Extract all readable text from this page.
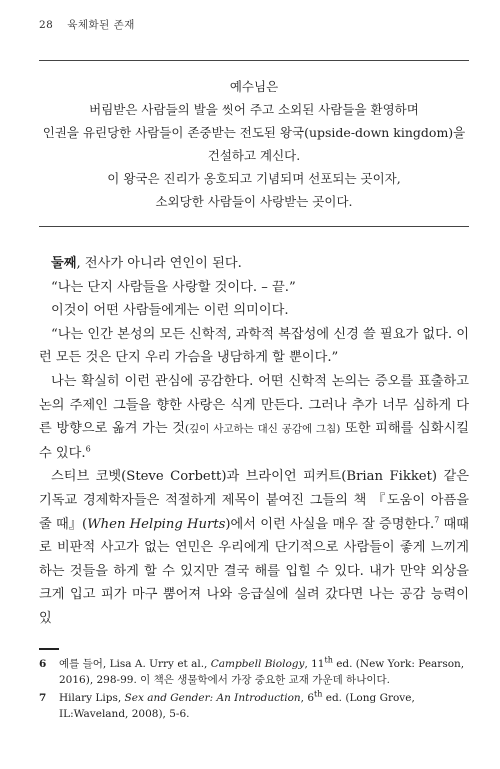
28 육체화된 존재
예수님은
버림받은 사람들의 발을 씻어 주고 소외된 사람들을 환영하며
인권을 유린당한 사람들이 존중받는 전도된 왕국(upside-down kingdom)을
건설하고 계신다.
이 왕국은 진리가 옹호되고 기념되며 선포되는 곳이자,
소외당한 사람들이 사랑받는 곳이다.

둘째, 전사가 아니라 연인이 된다.

“나는 단지 사람들을 사랑할 것이다. – 끝.”

이것이 어떤 사람들에게는 이런 의미이다.

“나는 인간 본성의 모든 신학적, 과학적 복잡성에 신경 쓸 필요가 없다. 이런 모든 것은 단지 우리 가슴을 냉담하게 할 뿐이다.”

나는 확실히 이런 관심에 공감한다. 어떤 신학적 논의는 증오를 표출하고 논의 주제인 그들을 향한 사랑은 식게 만든다. 그러나 추가 너무 심하게 다른 방향으로 옮겨 가는 것(깊이 사고하는 대신 공감에 그침) 또한 피해를 심화시킬 수 있다.$^6$

스티브 코벳(Steve Corbett)과 브라이언 피커트(Brian Fikket) 같은 기독교 경제학자들은 적절하게 제목이 붙여진 그들의 책 『도움이 아픔을 줄 때』(When Helping Hurts)에서 이런 사실을 매우 잘 증명한다.$^7$ 때때로 비판적 사고가 없는 연민은 우리에게 단기적으로 사람들이 좋게 느끼게 하는 것들을 하게 할 수 있지만 결국 해를 입힐 수 있다. 내가 만약 외상을 크게 입고 피가 마구 뿜어져 나와 응급실에 실려 갔다면 나는 공감 능력이 있

6	예를 들어, Lisa A. Urry et al., Campbell Biology, 11th ed. (New York: Pearson, 2016), 298-99. 이 책은 생물학에서 가장 중요한 교재 가운데 하나이다.
7	Hilary Lips, Sex and Gender: An Introduction, 6th ed. (Long Grove, IL:Waveland, 2008), 5-6.
